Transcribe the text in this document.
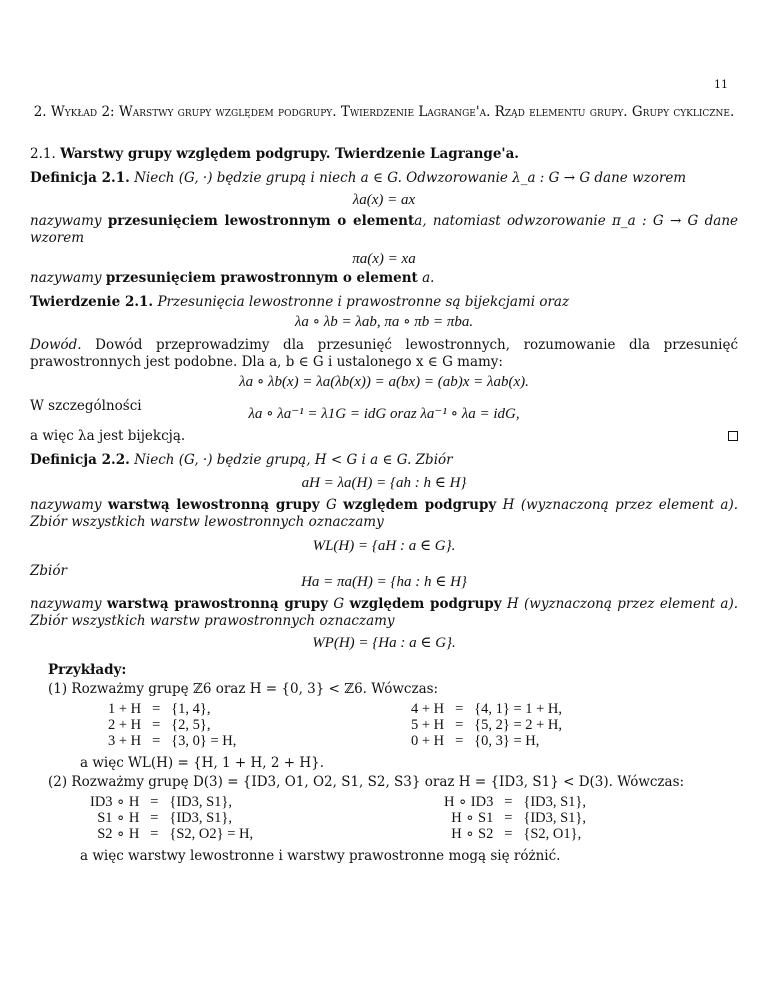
11
2. Wykład 2: Warstwy grupy względem podgrupy. Twierdzenie Lagrange'a. Rząd elementu grupy. Grupy cykliczne.
2.1. Warstwy grupy względem podgrupy. Twierdzenie Lagrange'a.
Definicja 2.1. Niech (G, ·) będzie grupą i niech a ∈ G. Odwzorowanie λ_a : G → G dane wzorem
λa(x) = ax
nazywamy przesunięciem lewostronnym o elementa, natomiast odwzorowanie π_a : G → G dane wzorem
πa(x) = xa
nazywamy przesunięciem prawostronnym o element a.
Twierdzenie 2.1. Przesunięcia lewostronne i prawostronne są bijekcjami oraz
λa ∘ λb = λab, πa ∘ πb = πba.
Dowód. Dowód przeprowadzimy dla przesunięć lewostronnych, rozumowanie dla przesunięć prawostronnych jest podobne. Dla a, b ∈ G i ustalonego x ∈ G mamy:
λa ∘ λb(x) = λa(λb(x)) = a(bx) = (ab)x = λab(x).
W szczególności	λa ∘ λa⁻¹ = λ1G = idG oraz λa⁻¹ ∘ λa = idG,
a więc λa jest bijekcją.
Definicja 2.2. Niech (G, ·) będzie grupą, H < G i a ∈ G. Zbiór
aH = λa(H) = {ah : h ∈ H}
nazywamy warstwą lewostronną grupy G względem podgrupy H (wyznaczoną przez element a). Zbiór wszystkich warstw lewostronnych oznaczamy
WL(H) = {aH : a ∈ G}.
Zbiór
Ha = πa(H) = {ha : h ∈ H}
nazywamy warstwą prawostronną grupy G względem podgrupy H (wyznaczoną przez element a). Zbiór wszystkich warstw prawostronnych oznaczamy
WP(H) = {Ha : a ∈ G}.
Przykłady:
(1) Rozważmy grupę ℤ6 oraz H = {0, 3} < ℤ6. Wówczas:
1 + H	=	{1, 4},
2 + H	=	{2, 5},
3 + H	=	{3, 0} = H,
4 + H	=	{4, 1} = 1 + H,
5 + H	=	{5, 2} = 2 + H,
0 + H	=	{0, 3} = H,
a więc WL(H) = {H, 1 + H, 2 + H}.
(2) Rozważmy grupę D(3) = {ID3, O1, O2, S1, S2, S3} oraz H = {ID3, S1} < D(3). Wówczas:
ID3 ∘ H	=	{ID3, S1},
S1 ∘ H	=	{ID3, S1},
S2 ∘ H	=	{S2, O2} = H,
H ∘ ID3	=	{ID3, S1},
H ∘ S1	=	{ID3, S1},
H ∘ S2	=	{S2, O1},
a więc warstwy lewostronne i warstwy prawostronne mogą się różnić.
